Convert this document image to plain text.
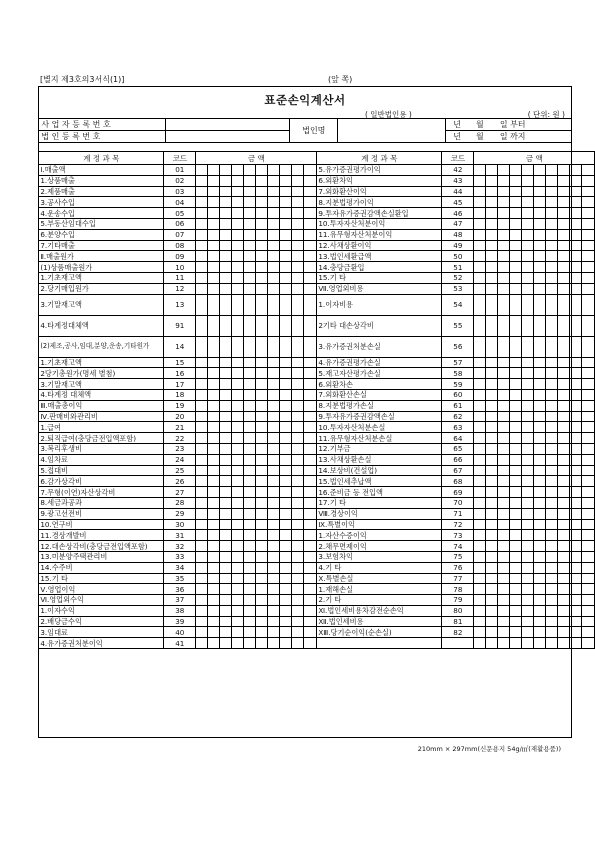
[별지 제3호의3서식(1)]	(앞 쪽)
표준손익계산서
( 일반법인용 )	( 단위: 원 )
사 업 자 등 록 번 호		법인명		년	월	일 부터
법 인 등 록 번 호				년	월	일 까지
계 정 과 목	코드	금 액										계 정 과 목	코드	금 액									
Ⅰ.매출액	01											5.유가증권평가이익	42										
1.상품매출	02											6.외환차익	43										
2.제품매출	03											7.외화환산이익	44										
3.공사수입	04											8.지분법평가이익	45										
4.운송수입	05											9.투자유가증권감액손실환입	46										
5.부동산임대수입	06											10.투자자산처분이익	47										
6.분양수입	07											11.유무형자산처분이익	48										
7.기타매출	08											12.사채상환이익	49										
Ⅱ.매출원가	09											13.법인세환급액	50										
(1)상품매출원가	10											14.충당금환입	51										
1.기초재고액	11											15.기 타	52										
2.당기매입원가	12											Ⅶ.영업외비용	53										
3.기말재고액	13											1.이자비용	54										
4.타계정대체액	91											2기타 대손상각비	55										
(2)제조,공사,임대,분양,운송,기타원가	14											3.유가증권처분손실	56										
1.기초재고액	15											4.유가증권평가손실	57										
2당기총원가(명세 별첨)	16											5.재고자산평가손실	58										
3.기말재고액	17											6.외환차손	59										
4.타계정 대체액	18											7.외화환산손실	60										
Ⅲ.매출총이익	19											8.지분법평가손실	61										
Ⅳ.판매비와관리비	20											9.투자유가증권감액손실	62										
1.급여	21											10.투자자산처분손실	63										
2.퇴직급여(충당금전입액포함)	22											11.유무형자산처분손실	64										
3.복리후생비	23											12.기부금	65										
4.임차료	24											13.사채상환손실	66										
5.접대비	25											14.보상비(건설업)	67										
6.감가상각비	26											15.법인세추납액	68										
7.무형(이연)자산상각비	27											16.준비금 등 전입액	69										
8.세금과공과	28											17.기 타	70										
9.광고선전비	29											Ⅷ.경상이익	71										
10.연구비	30											Ⅸ.특별이익	72										
11.경상개발비	31											1.자산수증이익	73										
12.대손상각비(충당금전입액포함)	32											2.채무면제이익	74										
13.미분양주택관리비	33											3.보험차익	75										
14.수주비	34											4.기 타	76										
15.기 타	35											Ⅹ.특별손실	77										
Ⅴ.영업이익	36											1.재해손실	78										
Ⅵ.영업외수익	37											2.기 타	79										
1.이자수익	38											Ⅺ.법인세비용차감전순손익	80										
2.배당금수익	39											Ⅻ.법인세비용	81										
3.임대료	40											XⅢ.당기순이익(순손실)	82										
4.유가증권처분이익	41																						
210mm × 297mm(신문용지 54g/㎡(재활용품))
